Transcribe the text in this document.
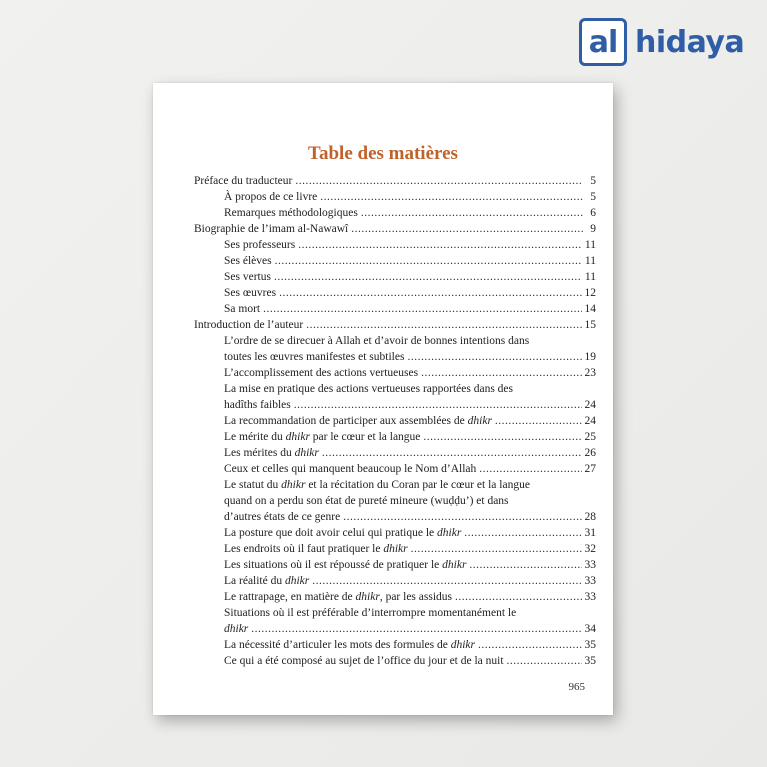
al hidaya
Table des matières
Préface du traducteur .....	5
À propos de ce livre .....	5
Remarques méthodologiques .....	6
Biographie de l’imam al-Nawawî .....	9
Ses professeurs .....	11
Ses élèves .....	11
Ses vertus .....	11
Ses œuvres .....	12
Sa mort .....	14
Introduction de l’auteur .....	15
L’ordre de se direcuer à Allah et d’avoir de bonnes intentions dans
toutes les œuvres manifestes et subtiles .....	19
L’accomplissement des actions vertueuses .....	23
La mise en pratique des actions vertueuses rapportées dans des
hadîths faibles .....	24
La recommandation de participer aux assemblées de dhikr .....	24
Le mérite du dhikr par le cœur et la langue .....	25
Les mérites du dhikr .....	26
Ceux et celles qui manquent beaucoup le Nom d’Allah .....	27
Le statut du dhikr et la récitation du Coran par le cœur et la langue
quand on a perdu son état de pureté mineure (wuḍḍu’) et dans
d’autres états de ce genre .....	28
La posture que doit avoir celui qui pratique le dhikr .....	31
Les endroits où il faut pratiquer le dhikr .....	32
Les situations où il est répoussé de pratiquer le dhikr .....	33
La réalité du dhikr .....	33
Le rattrapage, en matière de dhikr, par les assidus .....	33
Situations où il est préférable d’interrompre momentanément le
dhikr .....	34
La nécessité d’articuler les mots des formules de dhikr .....	35
Ce qui a été composé au sujet de l’office du jour et de la nuit .....	35
965
